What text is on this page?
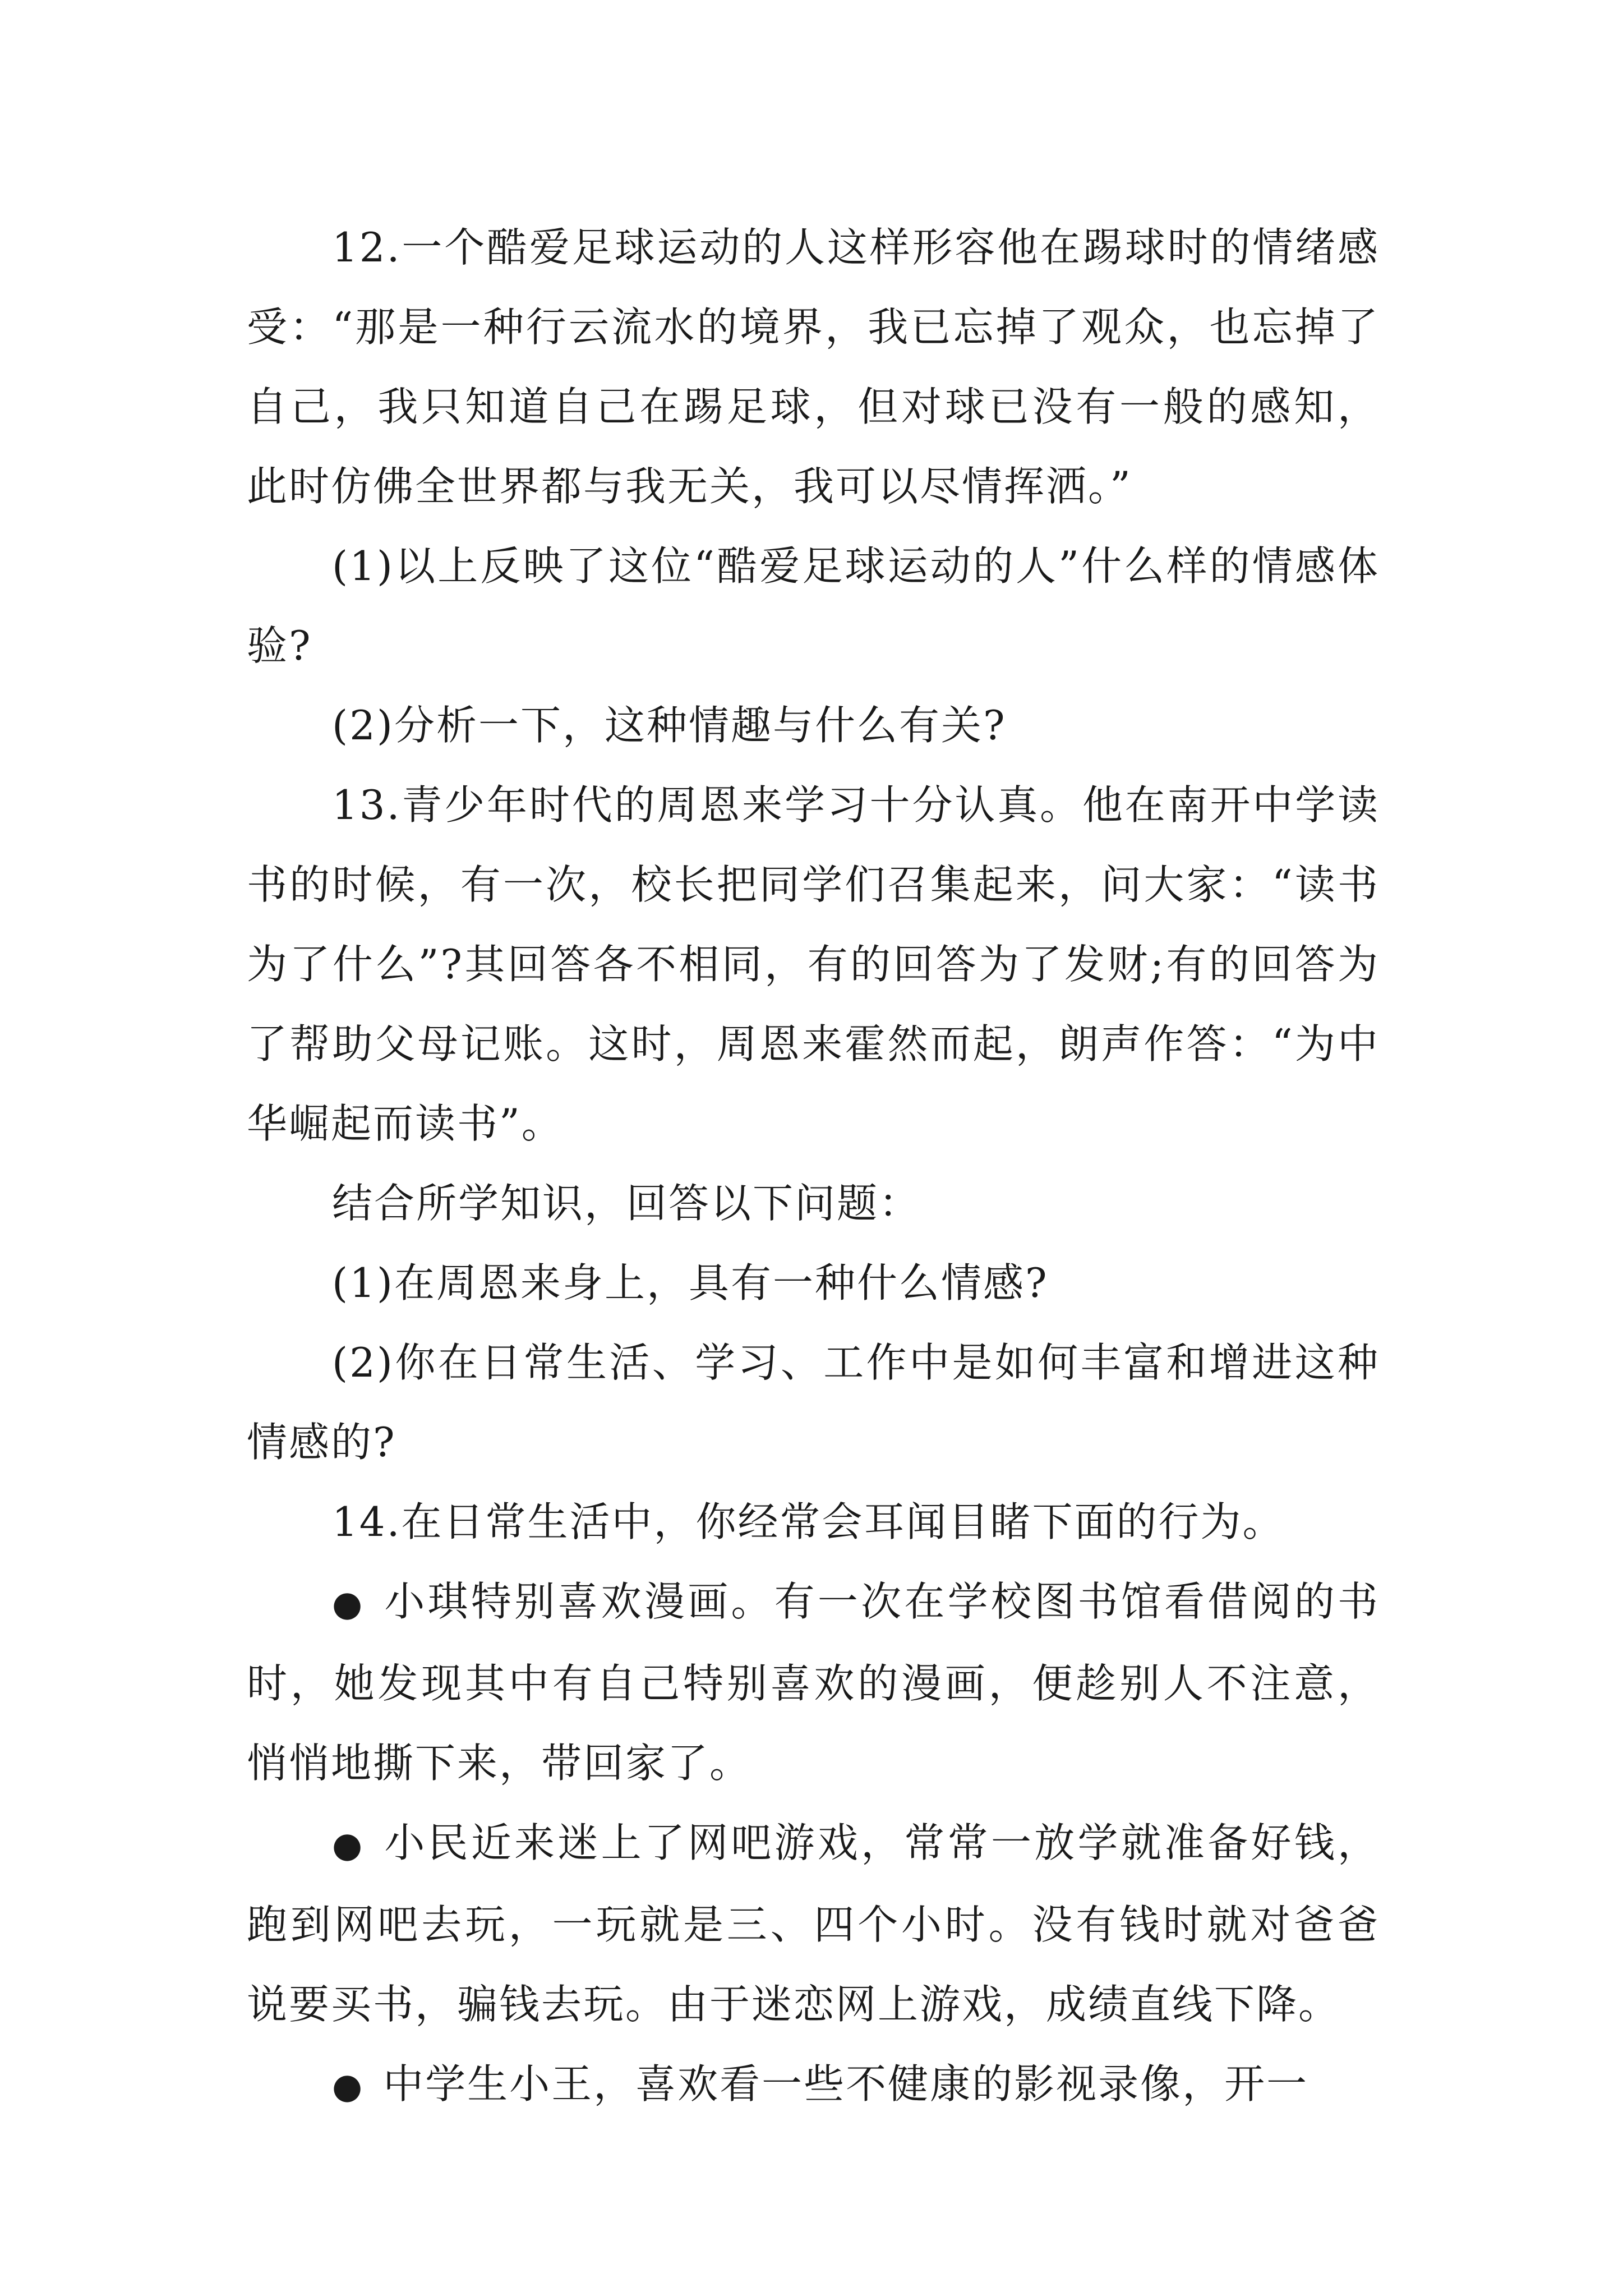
12.一个酷爱足球运动的人这样形容他在踢球时的情绪感受：“那是一种行云流水的境界，我已忘掉了观众，也忘掉了自己，我只知道自己在踢足球，但对球已没有一般的感知，此时仿佛全世界都与我无关，我可以尽情挥洒。”

(1)以上反映了这位“酷爱足球运动的人”什么样的情感体验?

(2)分析一下，这种情趣与什么有关?

13.青少年时代的周恩来学习十分认真。他在南开中学读书的时候，有一次，校长把同学们召集起来，问大家：“读书为了什么”?其回答各不相同，有的回答为了发财;有的回答为了帮助父母记账。这时，周恩来霍然而起，朗声作答：“为中华崛起而读书”。

结合所学知识，回答以下问题：

(1)在周恩来身上，具有一种什么情感?

(2)你在日常生活、学习、工作中是如何丰富和增进这种情感的?

14.在日常生活中，你经常会耳闻目睹下面的行为。

● 小琪特别喜欢漫画。有一次在学校图书馆看借阅的书时，她发现其中有自己特别喜欢的漫画，便趁别人不注意，悄悄地撕下来，带回家了。

● 小民近来迷上了网吧游戏，常常一放学就准备好钱，跑到网吧去玩，一玩就是三、四个小时。没有钱时就对爸爸说要买书，骗钱去玩。由于迷恋网上游戏，成绩直线下降。

● 中学生小王，喜欢看一些不健康的影视录像，开一
